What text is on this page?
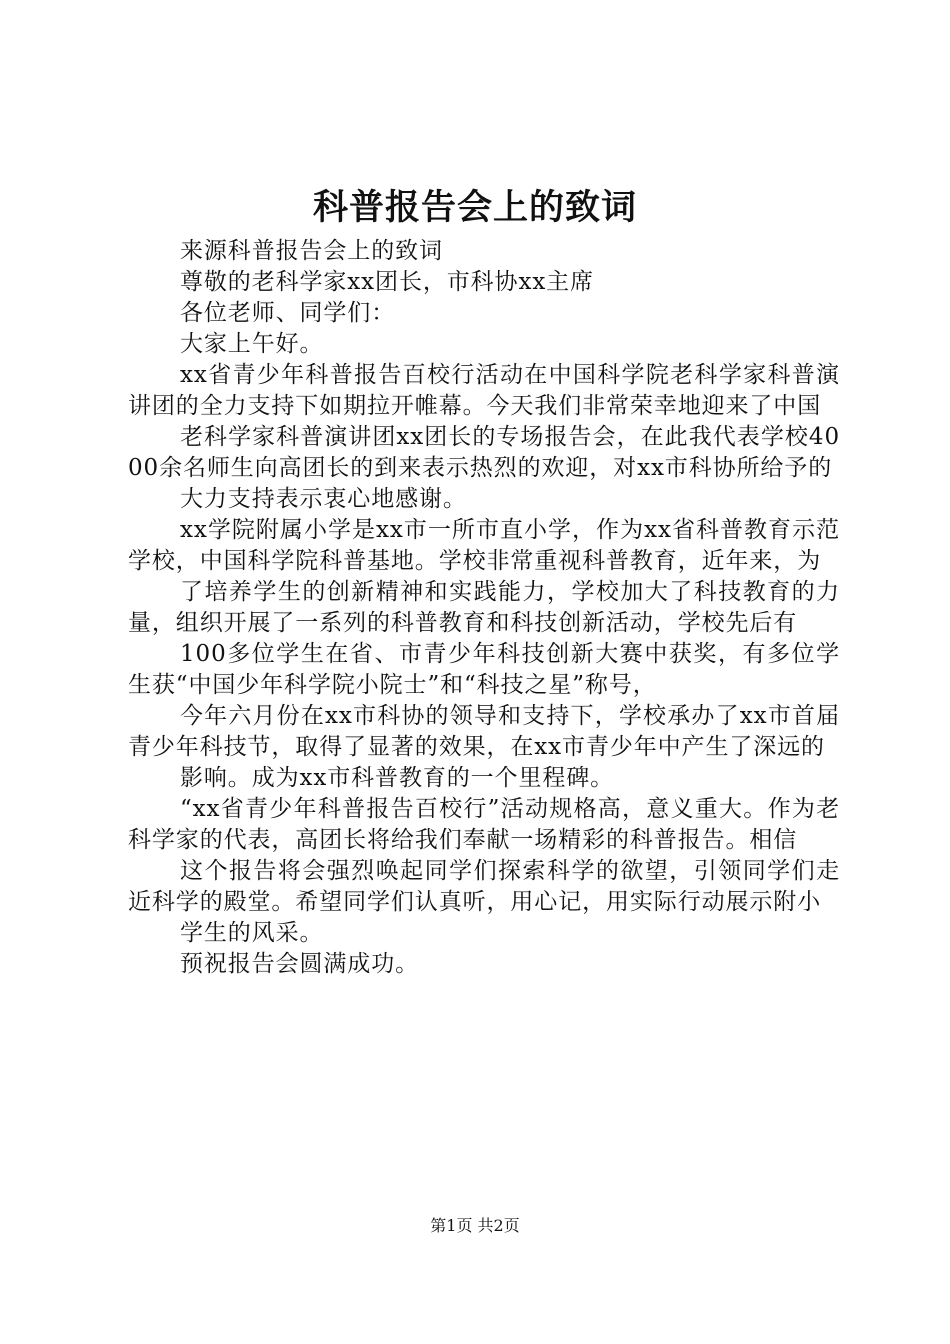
科普报告会上的致词

来源科普报告会上的致词

尊敬的老科学家xx团长，市科协xx主席

各位老师、同学们：

大家上午好。

xx省青少年科普报告百校行活动在中国科学院老科学家科普演讲团的全力支持下如期拉开帷幕。今天我们非常荣幸地迎来了中国

老科学家科普演讲团xx团长的专场报告会，在此我代表学校4000余名师生向高团长的到来表示热烈的欢迎，对xx市科协所给予的

大力支持表示衷心地感谢。

xx学院附属小学是xx市一所市直小学，作为xx省科普教育示范学校，中国科学院科普基地。学校非常重视科普教育，近年来，为

了培养学生的创新精神和实践能力，学校加大了科技教育的力量，组织开展了一系列的科普教育和科技创新活动，学校先后有

100多位学生在省、市青少年科技创新大赛中获奖，有多位学生获“中国少年科学院小院士”和“科技之星”称号，

今年六月份在xx市科协的领导和支持下，学校承办了xx市首届青少年科技节，取得了显著的效果，在xx市青少年中产生了深远的

影响。成为xx市科普教育的一个里程碑。

“xx省青少年科普报告百校行”活动规格高，意义重大。作为老科学家的代表，高团长将给我们奉献一场精彩的科普报告。相信

这个报告将会强烈唤起同学们探索科学的欲望，引领同学们走近科学的殿堂。希望同学们认真听，用心记，用实际行动展示附小

学生的风采。

预祝报告会圆满成功。

第1页 共2页
